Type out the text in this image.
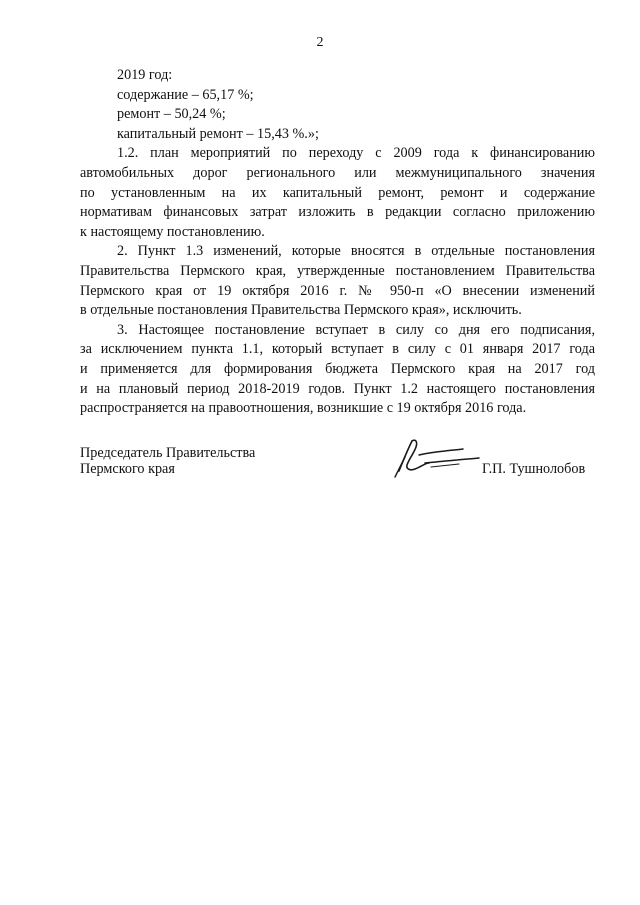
2
2019 год:
содержание – 65,17 %;
ремонт – 50,24 %;
капитальный ремонт – 15,43 %.»;
1.2. план мероприятий по переходу с 2009 года к финансированию
автомобильных дорог регионального или межмуниципального значения
по установленным на их капитальный ремонт, ремонт и содержание
нормативам финансовых затрат изложить в редакции согласно приложению
к настоящему постановлению.
2. Пункт 1.3 изменений, которые вносятся в отдельные постановления
Правительства Пермского края, утвержденные постановлением Правительства
Пермского края от 19 октября 2016 г. № 950-п «О внесении изменений
в отдельные постановления Правительства Пермского края», исключить.
3. Настоящее постановление вступает в силу со дня его подписания,
за исключением пункта 1.1, который вступает в силу с 01 января 2017 года
и применяется для формирования бюджета Пермского края на 2017 год
и на плановый период 2018-2019 годов. Пункт 1.2 настоящего постановления
распространяется на правоотношения, возникшие с 19 октября 2016 года.
Председатель Правительства
Пермского края	Г.П. Тушнолобов
